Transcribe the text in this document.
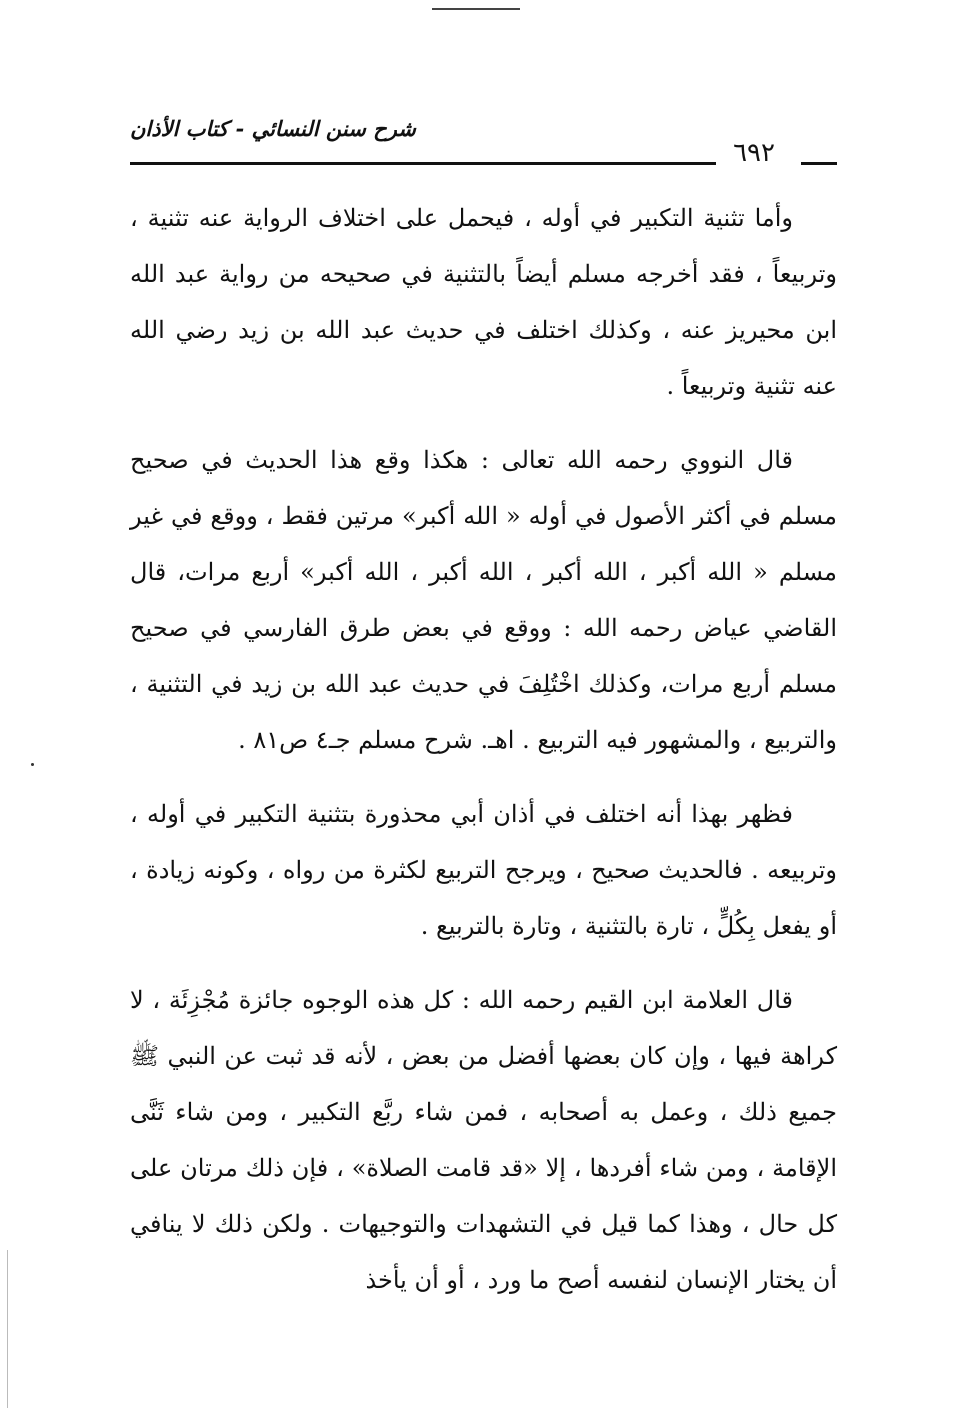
شرح سنن النسائي - كتاب الأذان
٦٩٢

وأما تثنية التكبير في أوله ، فيحمل على اختلاف الرواية عنه تثنية ، وتربيعاً ، فقد أخرجه مسلم أيضاً بالتثنية في صحيحه من رواية عبد الله ابن محيريز عنه ، وكذلك اختلف في حديث عبد الله بن زيد رضي الله عنه تثنية وتربيعاً .

قال النووي رحمه الله تعالى : هكذا وقع هذا الحديث في صحيح مسلم في أكثر الأصول في أوله « الله أكبر» مرتين فقط ، ووقع في غير مسلم « الله أكبر ، الله أكبر ، الله أكبر ، الله أكبر» أربع مرات، قال القاضي عياض رحمه الله : ووقع في بعض طرق الفارسي في صحيح مسلم أربع مرات، وكذلك اخْتُلِفَ في حديث عبد الله بن زيد في التثنية ، والتربيع ، والمشهور فيه التربيع . اهـ. شرح مسلم جـ٤ ص٨١ .

فظهر بهذا أنه اختلف في أذان أبي محذورة بتثنية التكبير في أوله ، وتربيعه . فالحديث صحيح ، ويرجح التربيع لكثرة من رواه ، وكونه زيادة ، أو يفعل بِكُلٍّ ، تارة بالتثنية ، وتارة بالتربيع .

قال العلامة ابن القيم رحمه الله : كل هذه الوجوه جائزة مُجْزِئَة ، لا كراهة فيها ، وإن كان بعضها أفضل من بعض ، لأنه قد ثبت عن النبي ﷺ جميع ذلك ، وعمل به أصحابه ، فمن شاء ربَّع التكبير ، ومن شاء ثَنَّى الإقامة ، ومن شاء أفردها ، إلا «قد قامت الصلاة» ، فإن ذلك مرتان على كل حال ، وهذا كما قيل في التشهدات والتوجيهات . ولكن ذلك لا ينافي أن يختار الإنسان لنفسه أصح ما ورد ، أو أن يأخذ
